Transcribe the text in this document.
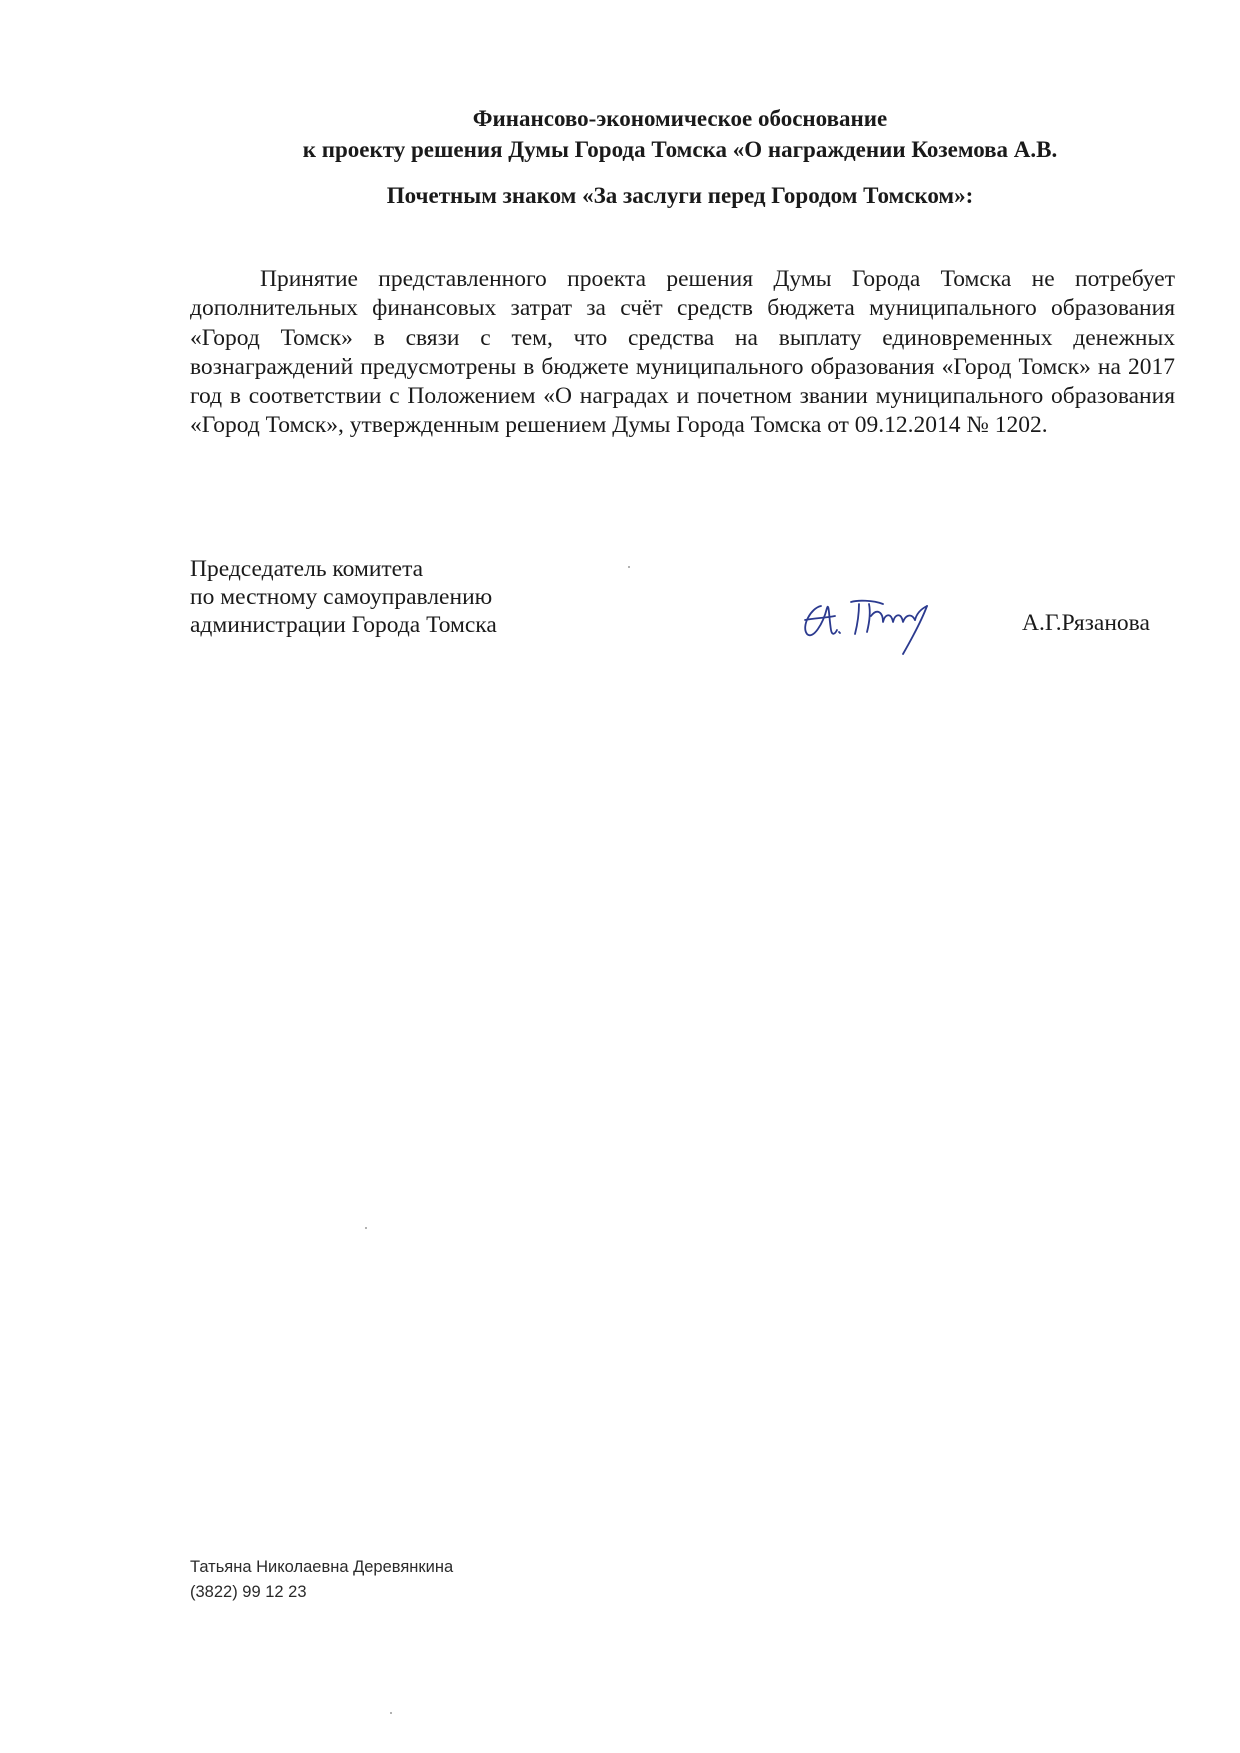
Финансово-экономическое обоснование
к проекту решения Думы Города Томска «О награждении Коземова А.В.
Почетным знаком «За заслуги перед Городом Томском»:

Принятие представленного проекта решения Думы Города Томска не потребует дополнительных финансовых затрат за счёт средств бюджета муниципального образования «Город Томск» в связи с тем, что средства на выплату единовременных денежных вознаграждений предусмотрены в бюджете муниципального образования «Город Томск» на 2017 год в соответствии с Положением «О наградах и почетном звании муниципального образования «Город Томск», утвержденным решением Думы Города Томска от 09.12.2014 № 1202.

Председатель комитета
по местному самоуправлению
администрации Города Томска	А.Г.Рязанова
Татьяна Николаевна Деревянкина
(3822) 99 12 23
